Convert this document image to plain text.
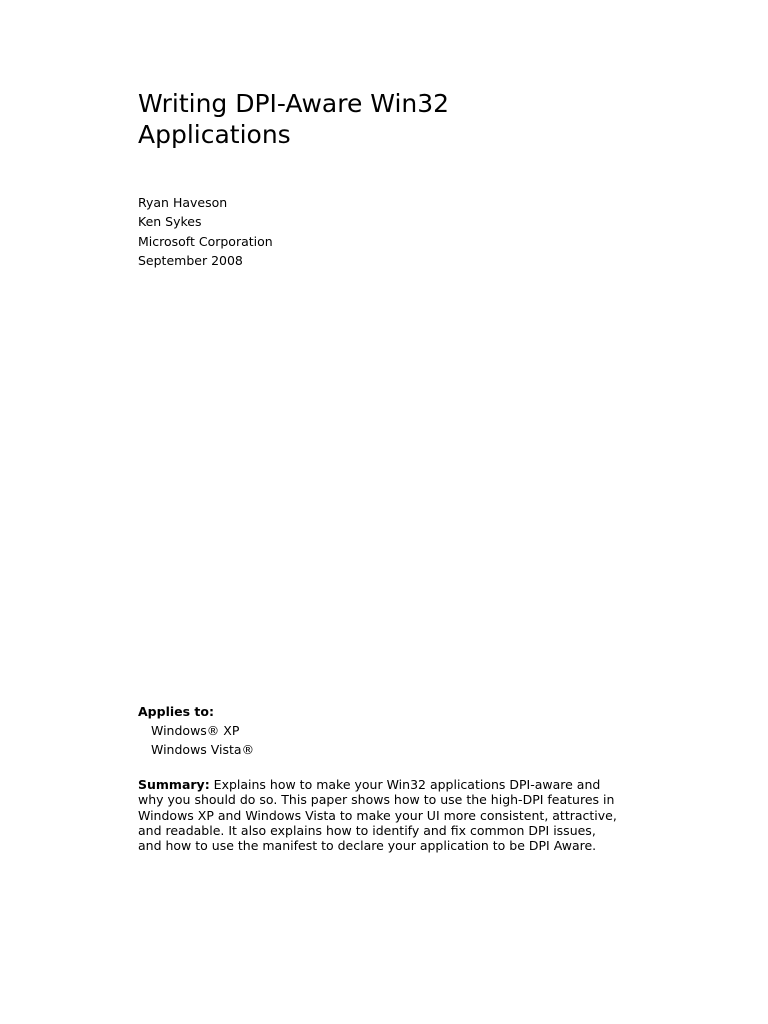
Writing DPI-Aware Win32
Applications
Ryan Haveson
Ken Sykes
Microsoft Corporation
September 2008
Applies to:
Windows® XP
Windows Vista®
Summary: Explains how to make your Win32 applications DPI-aware and
why you should do so. This paper shows how to use the high-DPI features in
Windows XP and Windows Vista to make your UI more consistent, attractive,
and readable. It also explains how to identify and fix common DPI issues,
and how to use the manifest to declare your application to be DPI Aware.
